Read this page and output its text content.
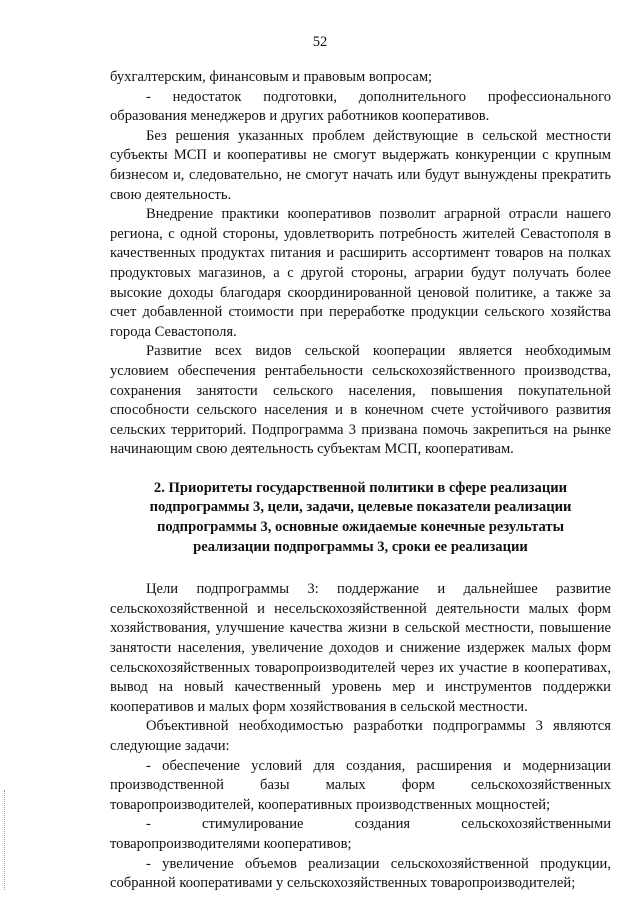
52

бухгалтерским, финансовым и правовым вопросам;

- недостаток подготовки, дополнительного профессионального образования менеджеров и других работников кооперативов.

Без решения указанных проблем действующие в сельской местности субъекты МСП и кооперативы не смогут выдержать конкуренции с крупным бизнесом и, следовательно, не смогут начать или будут вынуждены прекратить свою деятельность.

Внедрение практики кооперативов позволит аграрной отрасли нашего региона, с одной стороны, удовлетворить потребность жителей Севастополя в качественных продуктах питания и расширить ассортимент товаров на полках продуктовых магазинов, а с другой стороны, аграрии будут получать более высокие доходы благодаря скоординированной ценовой политике, а также за счет добавленной стоимости при переработке продукции сельского хозяйства города Севастополя.

Развитие всех видов сельской кооперации является необходимым условием обеспечения рентабельности сельскохозяйственного производства, сохранения занятости сельского населения, повышения покупательной способности сельского населения и в конечном счете устойчивого развития сельских территорий. Подпрограмма 3 призвана помочь закрепиться на рынке начинающим свою деятельность субъектам МСП, кооперативам.

2. Приоритеты государственной политики в сфере реализации
подпрограммы 3, цели, задачи, целевые показатели реализации
подпрограммы 3, основные ожидаемые конечные результаты
реализации подпрограммы 3, сроки ее реализации

Цели подпрограммы 3: поддержание и дальнейшее развитие сельскохозяйственной и несельскохозяйственной деятельности малых форм хозяйствования, улучшение качества жизни в сельской местности, повышение занятости населения, увеличение доходов и снижение издержек малых форм сельскохозяйственных товаропроизводителей через их участие в кооперативах, вывод на новый качественный уровень мер и инструментов поддержки кооперативов и малых форм хозяйствования в сельской местности.

Объективной необходимостью разработки подпрограммы 3 являются следующие задачи:

- обеспечение условий для создания, расширения и модернизации производственной базы малых форм сельскохозяйственных товаропроизводителей, кооперативных производственных мощностей;

- стимулирование создания сельскохозяйственными товаропроизводителями кооперативов;

- увеличение объемов реализации сельскохозяйственной продукции, собранной кооперативами у сельскохозяйственных товаропроизводителей;
